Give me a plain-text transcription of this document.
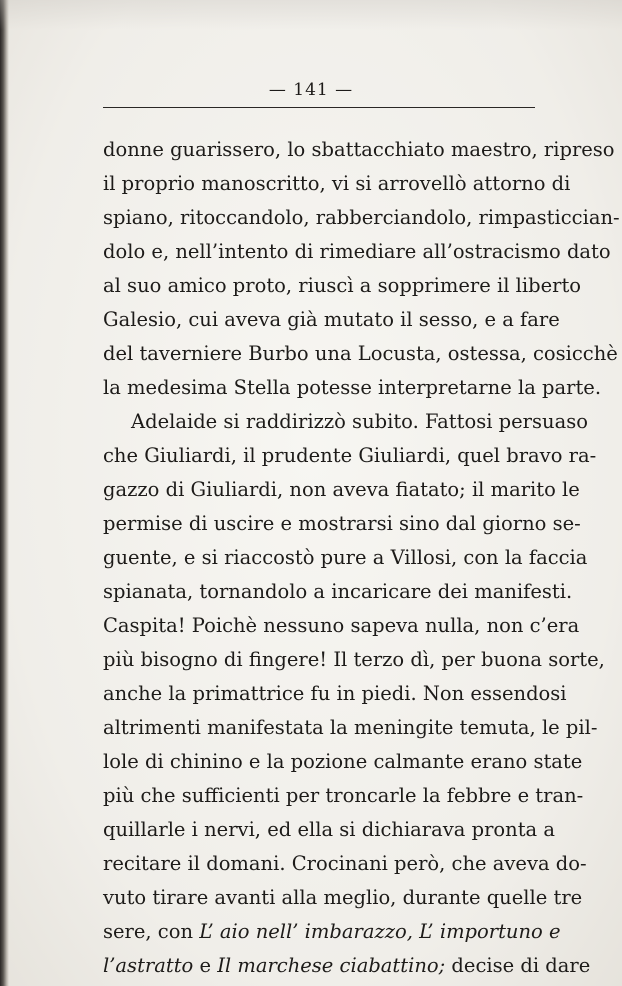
— 141 —
donne guarissero, lo sbattacchiato maestro, ripreso
il proprio manoscritto, vi si arrovellò attorno di
spiano, ritoccandolo, rabberciandolo, rimpasticcian-
dolo e, nell’intento di rimediare all’ostracismo dato
al suo amico proto, riuscì a sopprimere il liberto
Galesio, cui aveva già mutato il sesso, e a fare
del taverniere Burbo una Locusta, ostessa, cosicchè
la medesima Stella potesse interpretarne la parte.
Adelaide si raddirizzò subito. Fattosi persuaso
che Giuliardi, il prudente Giuliardi, quel bravo ra-
gazzo di Giuliardi, non aveva fiatato; il marito le
permise di uscire e mostrarsi sino dal giorno se-
guente, e si riaccostò pure a Villosi, con la faccia
spianata, tornandolo a incaricare dei manifesti.
Caspita! Poichè nessuno sapeva nulla, non c’era
più bisogno di fingere! Il terzo dì, per buona sorte,
anche la primattrice fu in piedi. Non essendosi
altrimenti manifestata la meningite temuta, le pil-
lole di chinino e la pozione calmante erano state
più che sufficienti per troncarle la febbre e tran-
quillarle i nervi, ed ella si dichiarava pronta a
recitare il domani. Crocinani però, che aveva do-
vuto tirare avanti alla meglio, durante quelle tre
sere, con L’ aio nell’ imbarazzo, L’ importuno e
l’astratto e Il marchese ciabattino; decise di dare
